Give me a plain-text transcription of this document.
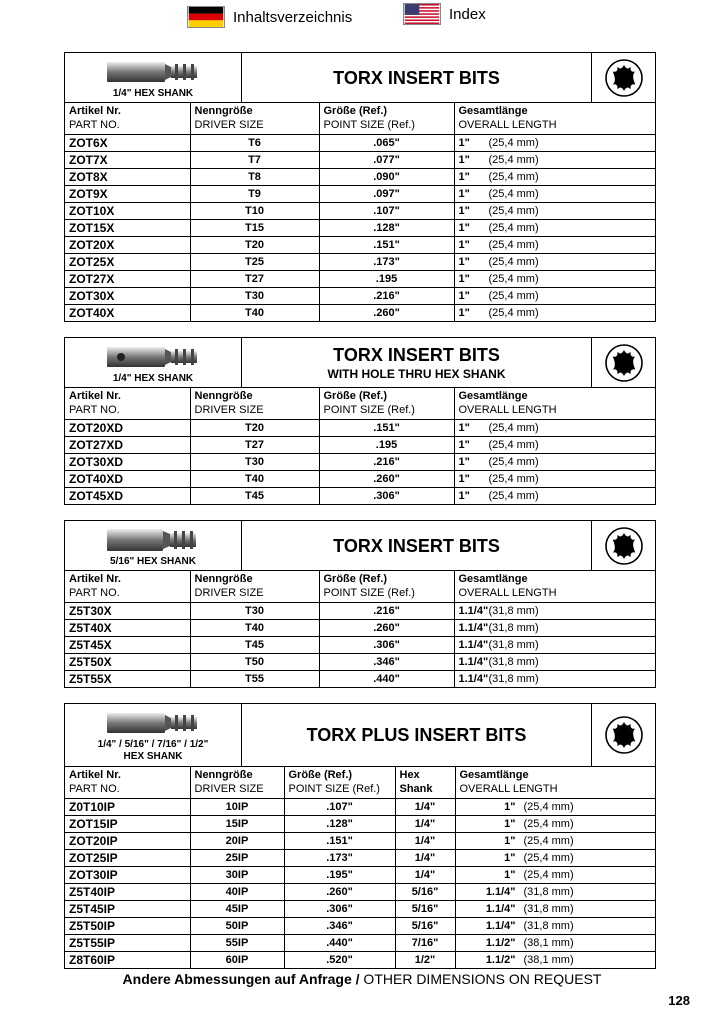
Inhaltsverzeichnis	Index
1/4" HEX SHANK
TORX INSERT BITS
Artikel Nr.
PART NO.	Nenngröße
DRIVER SIZE	Größe (Ref.)
POINT SIZE (Ref.)	Gesamtlänge
OVERALL LENGTH

ZOT6X	T6	.065"	1" (25,4 mm)
ZOT7X	T7	.077"	1" (25,4 mm)
ZOT8X	T8	.090"	1" (25,4 mm)
ZOT9X	T9	.097"	1" (25,4 mm)
ZOT10X	T10	.107"	1" (25,4 mm)
ZOT15X	T15	.128"	1" (25,4 mm)
ZOT20X	T20	.151"	1" (25,4 mm)
ZOT25X	T25	.173"	1" (25,4 mm)
ZOT27X	T27	.195	1" (25,4 mm)
ZOT30X	T30	.216"	1" (25,4 mm)
ZOT40X	T40	.260"	1" (25,4 mm)
1/4" HEX SHANK
TORX INSERT BITS
WITH HOLE THRU HEX SHANK
Artikel Nr.
PART NO.	Nenngröße
DRIVER SIZE	Größe (Ref.)
POINT SIZE (Ref.)	Gesamtlänge
OVERALL LENGTH

ZOT20XD	T20	.151"	1" (25,4 mm)
ZOT27XD	T27	.195	1" (25,4 mm)
ZOT30XD	T30	.216"	1" (25,4 mm)
ZOT40XD	T40	.260"	1" (25,4 mm)
ZOT45XD	T45	.306"	1" (25,4 mm)
5/16" HEX SHANK
TORX INSERT BITS
Artikel Nr.
PART NO.	Nenngröße
DRIVER SIZE	Größe (Ref.)
POINT SIZE (Ref.)	Gesamtlänge
OVERALL LENGTH

Z5T30X	T30	.216"	1.1/4"(31,8 mm)
Z5T40X	T40	.260"	1.1/4"(31,8 mm)
Z5T45X	T45	.306"	1.1/4"(31,8 mm)
Z5T50X	T50	.346"	1.1/4"(31,8 mm)
Z5T55X	T55	.440"	1.1/4"(31,8 mm)
1/4" / 5/16" / 7/16" / 1/2"
HEX SHANK
TORX PLUS INSERT BITS
Artikel Nr.
PART NO.	Nenngröße
DRIVER SIZE	Größe (Ref.)
POINT SIZE (Ref.)	Hex
Shank	Gesamtlänge
OVERALL LENGTH

Z0T10IP	10IP	.107"	1/4"	1" (25,4 mm)
ZOT15IP	15IP	.128"	1/4"	1" (25,4 mm)
ZOT20IP	20IP	.151"	1/4"	1" (25,4 mm)
ZOT25IP	25IP	.173"	1/4"	1" (25,4 mm)
ZOT30IP	30IP	.195"	1/4"	1" (25,4 mm)
Z5T40IP	40IP	.260"	5/16"	1.1/4" (31,8 mm)
Z5T45IP	45IP	.306"	5/16"	1.1/4" (31,8 mm)
Z5T50IP	50IP	.346"	5/16"	1.1/4" (31,8 mm)
Z5T55IP	55IP	.440"	7/16"	1.1/2" (38,1 mm)
Z8T60IP	60IP	.520"	1/2"	1.1/2" (38,1 mm)
Andere Abmessungen auf Anfrage / OTHER DIMENSIONS ON REQUEST
128
